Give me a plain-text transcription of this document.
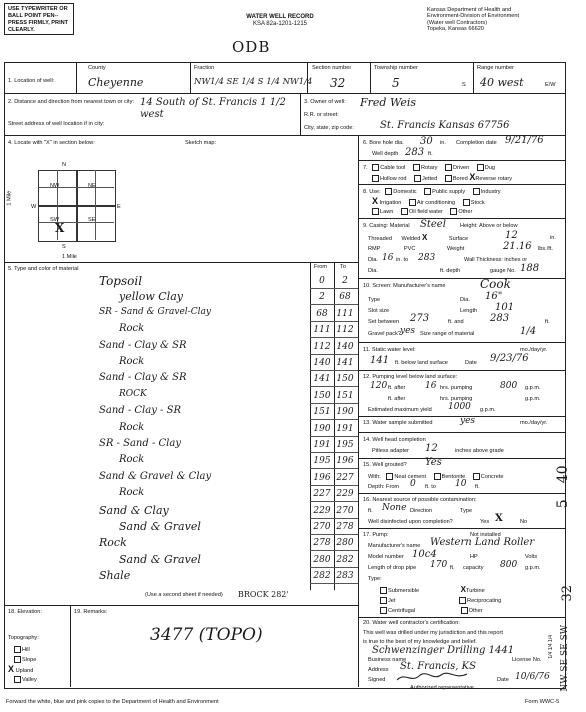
USE TYPEWRITER OR BALL POINT PEN--PRESS FIRMLY, PRINT CLEARLY.
WATER WELL RECORD
KSA 82a-1201-1215
ODB
Kansas Department of Health and
Environment-Division of Environment
(Water well Contractors)
Topeka, Kansas 66620
1. Location of well:
County
Cheyenne
Fraction
NW1/4 SE 1/4 S 1/4 NW1/4
Section number
32
Township number
5	S
Range number
40 west	E/W
2. Distance and direction from nearest town or city: 14 South of St. Francis 1 1/2 west
Street address of well location if in city:
3. Owner of well: Fred Weis
R.R. or street:
City, state, zip code:	St. Francis Kansas 67756
4. Locate with "X" in section below:	Sketch map:
N
W	E
S
NW	NE
SW	SE
X
1 Mile
1 Mile
5. Type and color of material	From To
Topsoil	0	2
yellow Clay	2	68
SR - Sand & Gravel-Clay	68 111
Rock	111 112
Sand - Clay & SR	112 140
Rock	140 141
Sand - Clay & SR	141 150
ROCK	150 151
Sand - Clay - SR	151 190
Rock	190 191
SR - Sand - Clay	191 195
Rock	195 196
Sand & Gravel & Clay	196 227
Rock	227 229
Sand & Clay	229 270
Sand & Gravel	270 278
Rock	278 280
Sand & Gravel	280 282
Shale	282 283
(Use a second sheet if needed) BROCK 282'
6. Bore hole dia. 30 in. Completion date 9/21/76
Well depth 283 ft.
7. Cable tool	Rotary	Driven	Dug
Hollow rod	Jetted	Bored XReverse rotary
8. Use: Domestic	Public supply	Industry
X Irrigation	Air conditioning	Stock
Lawn	Oil field water	Other
9. Casing: Material Steel	Height: Above or below
Threaded Welded X	Surface	12	in.
RMP	PVC	Weight	21.16 lbs./ft.
Dia. 16 in. to 283	Wall Thickness: inches or
Dia.	ft. depth	gauge No. 188
10. Screen: Manufacturer's name	Cook
Type	Dia. 16"
Slot size	Length 101
Set between 273	ft. and	283	ft.
Gravel pack? yes Size range of material	1/4
11. Static water level:
141 ft. below land surface	Date 9/23/76
mo./day/yr.
12. Pumping level below land surface:
120 ft. after 16 hrs. pumping	800 g.p.m.
ft. after	hrs. pumping	g.p.m.
Estimated maximum yield 1000 g.p.m.
13. Water sample submitted	yes	mo./day/yr.
14. Well head completion
Pitless adapter 12	inches above grade
15. Well grouted? Yes
With: Neat cement	Bentonite	Concrete
Depth: From 0 ft. to 10 ft.
16. Nearest source of possible contamination:
ft. None Direction	Type
Well disinfected upon completion?	Yes X	No
17. Pump:	Not installed
Manufacturer's name Western Land Roller
Model number 10c4	HP	Volts
Length of drop pipe 170 ft. capacity 800 g.p.m.
Type:
Submersible	XTurbine
Jet	Reciprocating
Centrifugal	Other
18. Elevation:
Topography:
Hill
Slope
X Upland
Valley
19. Remarks:
3477 (TOPO)
20. Water well contractor's certification:
This well was drilled under my jurisdiction and this report
is true to the best of my knowledge and belief.
Schwenzinger Drilling 1441
Business name	License No.
Address St. Francis, KS
Signed	Date 10/6/76
Authorized representative
5 40
32
NW SE SE SW
1/4 1/4 1/4
Forward the white, blue and pink copies to the Department of Health and Environment	Form WWC-5
